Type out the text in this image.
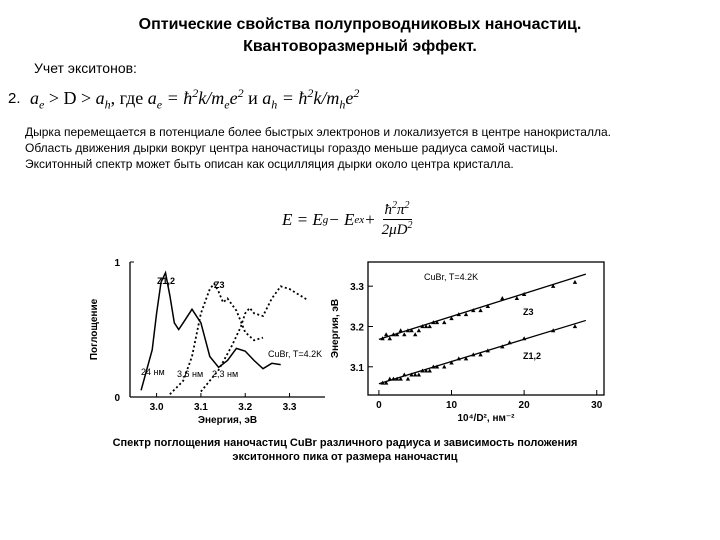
Оптические свойства полупроводниковых наночастиц.
Квантоворазмерный эффект.
Учет экситонов:
2. $a_e > D > a_h$, где $a_e$ = $ħ^2k/m_ee^2$ и $a_h$ = $ħ^2k/m_he^2$
Дырка перемещается в потенциале более быстрых электронов и локализуется в центре нанокристалла.
Область движения дырки вокруг центра наночастицы гораздо меньше радиуса самой частицы.
Экситонный спектр может быть описан как осцилляция дырки около центра кристалла.
E = E g − E ex + $\frac{ħ^2\pi^2}{2\mu D^2}$
3.0	3.1	3.2	3.3
0
1
Энергия, эВ
Поглощение
Z1,2	Z3
CuBr, T=4.2K
24 нм 3,6 нм 2,3 нм
0	10	20	30
3.1
3.2
3.3
10⁴/D², нм⁻²
Энергия, эВ
CuBr, T=4.2K
Z3
Z1,2
Спектр поглощения наночастиц CuBr различного радиуса и зависимость положения
экситонного пика от размера наночастиц
